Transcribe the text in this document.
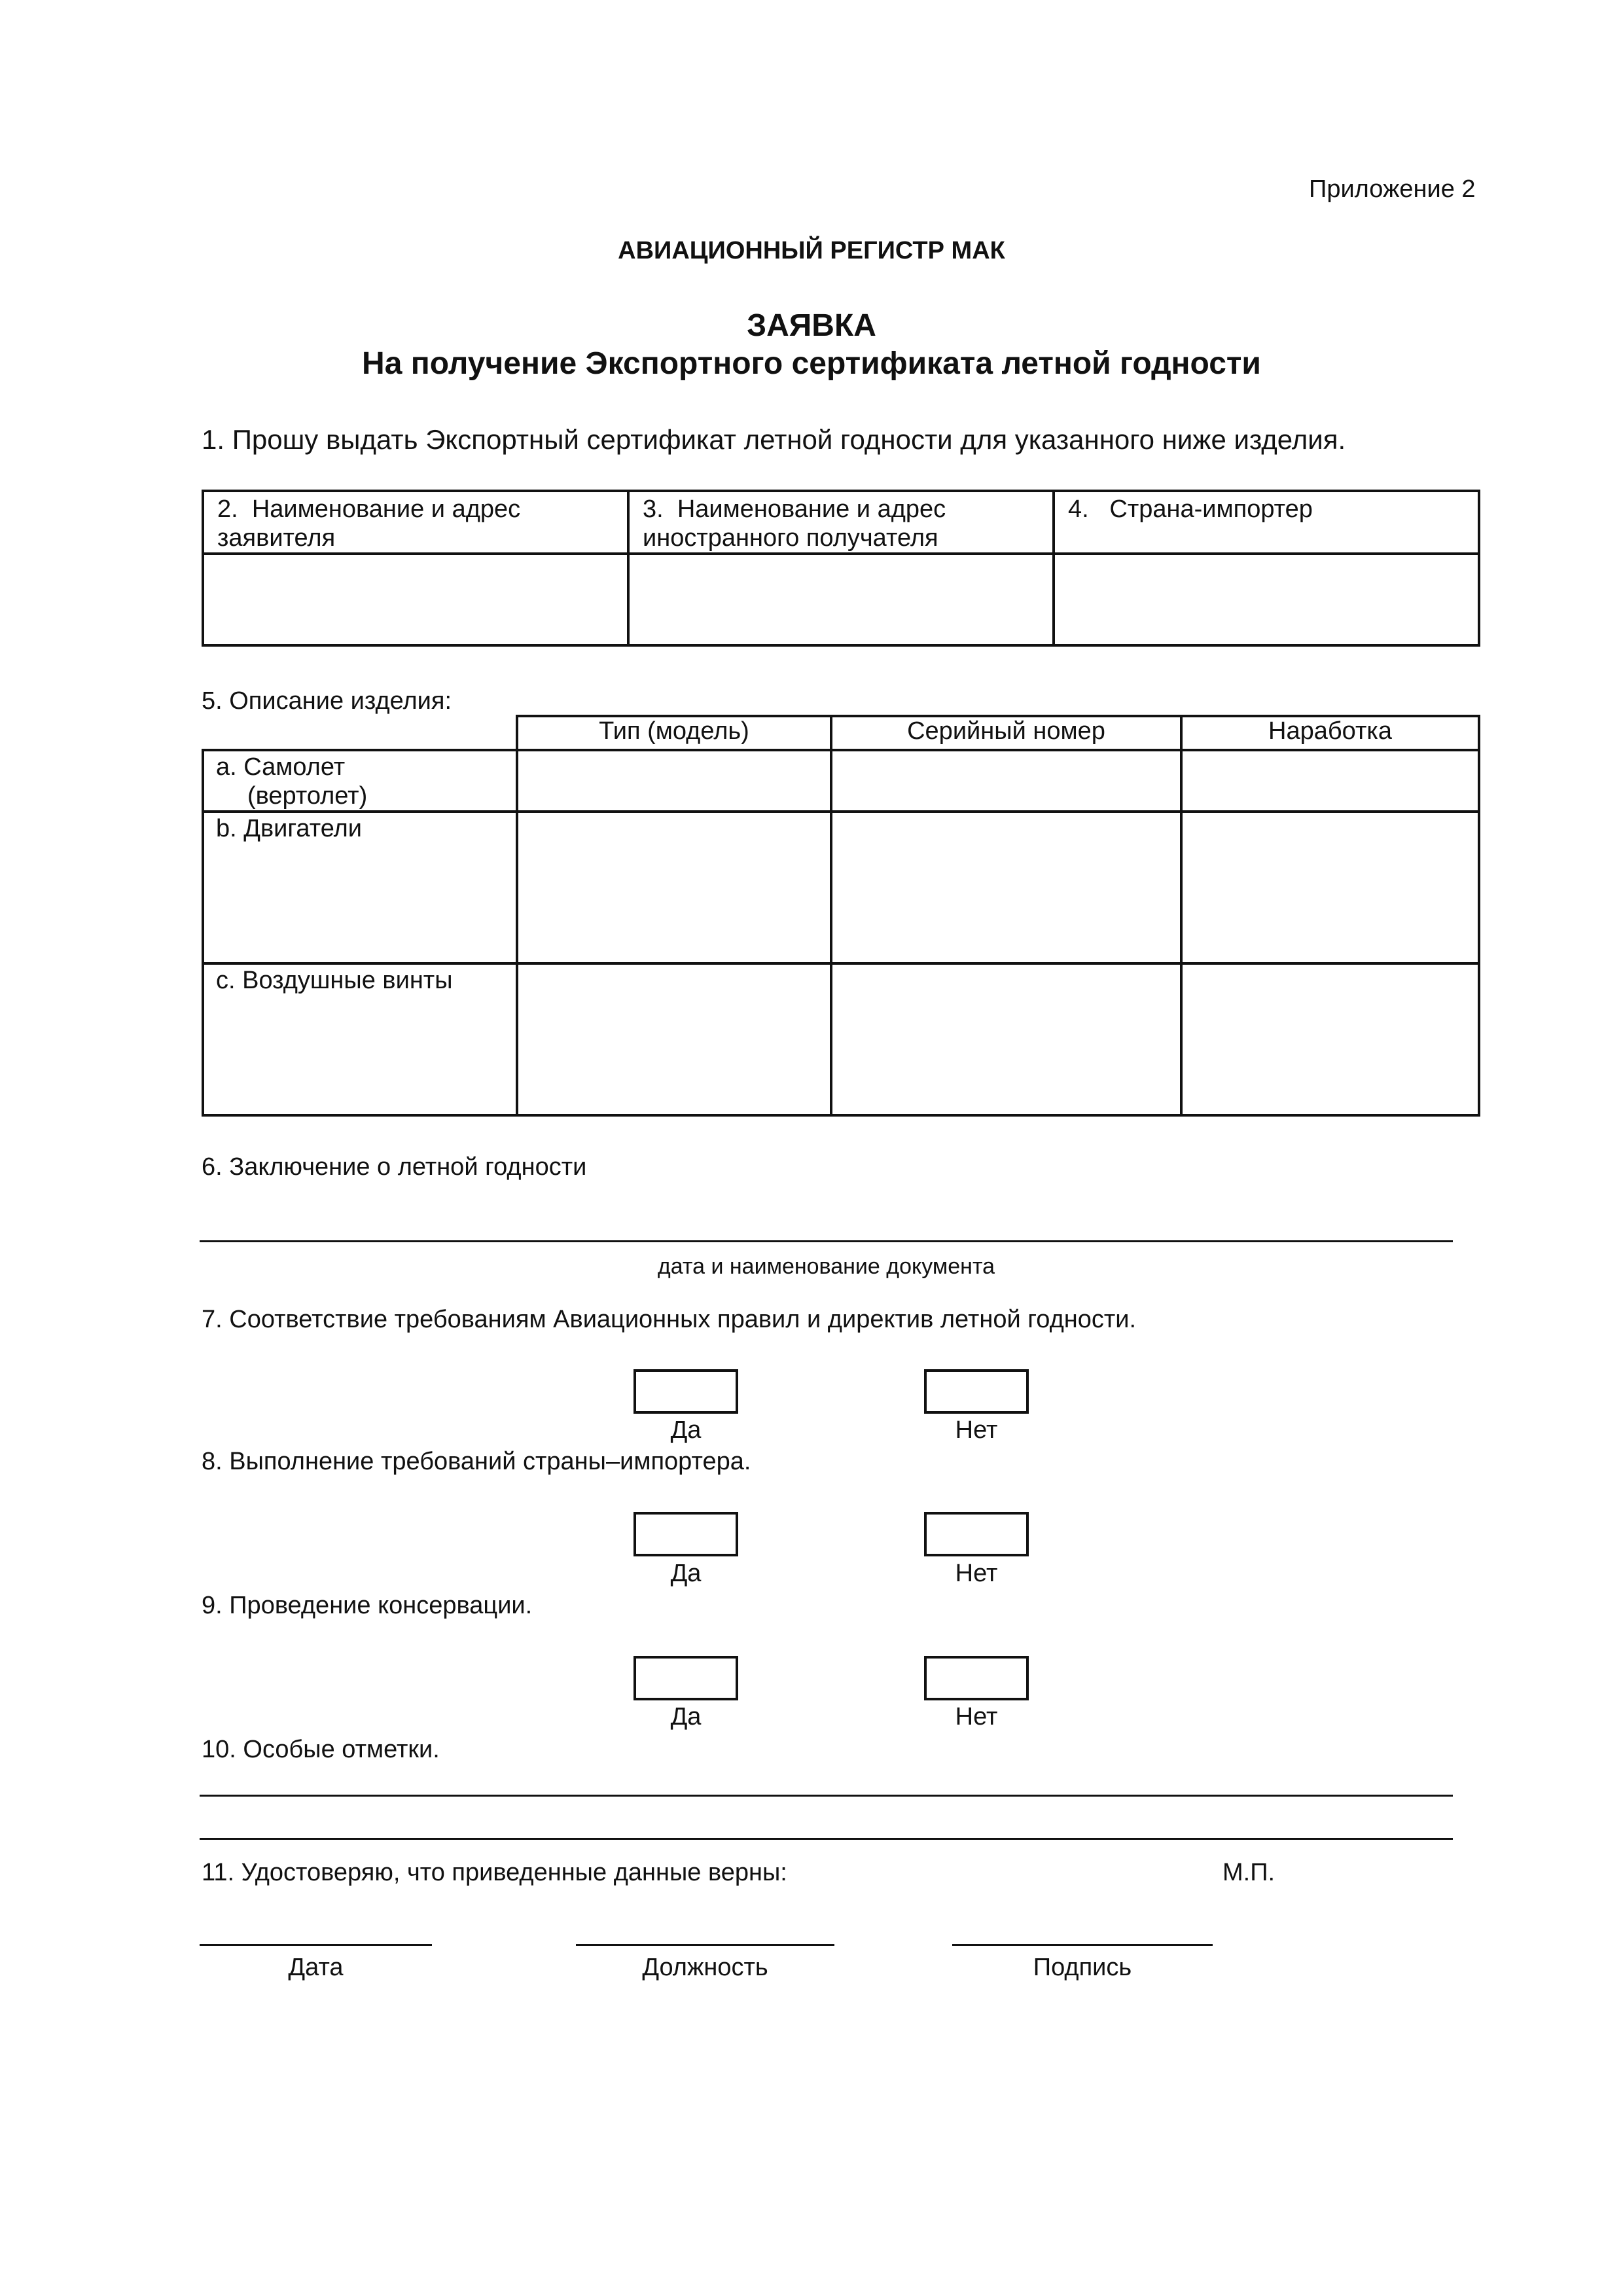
Приложение 2
АВИАЦИОННЫЙ РЕГИСТР МАК
ЗАЯВКА
На получение Экспортного сертификата летной годности
1. Прошу выдать Экспортный сертификат летной годности для указанного ниже изделия.
2. Наименование и адрес заявителя	3. Наименование и адрес иностранного получателя	4. Страна-импортер

5. Описание изделия:
	Тип (модель)	Серийный номер	Наработка

a. Самолет
(вертолет)			

b. Двигатели			

c. Воздушные винты			

6. Заключение о летной годности
дата и наименование документа
7. Соответствие требованиям Авиационных правил и директив летной годности.
Да	Нет
8. Выполнение требований страны–импортера.
Да	Нет
9. Проведение консервации.
Да	Нет
10. Особые отметки.
11. Удостоверяю, что приведенные данные верны:	М.П.
Дата	Должность	Подпись
